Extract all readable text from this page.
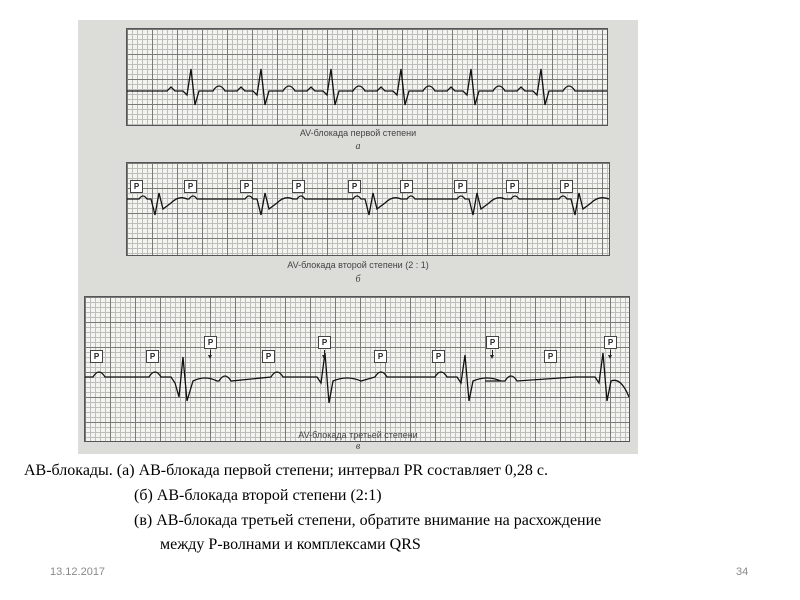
AV-блокада первой степени
а
P	P	P	P	P	P	P	P	P
AV-блокада второй степени (2 : 1)
б
P	P
P
P
P
P	P
P
P
P
AV-блокада третьей степени
в
АВ-блокады. (а) АВ-блокада первой степени; интервал PR составляет 0,28 с.
(б) АВ-блокада второй степени (2:1)
(в) АВ-блокада третьей степени, обратите внимание на расхождение
между Р-волнами и комплексами QRS
13.12.2017	34
